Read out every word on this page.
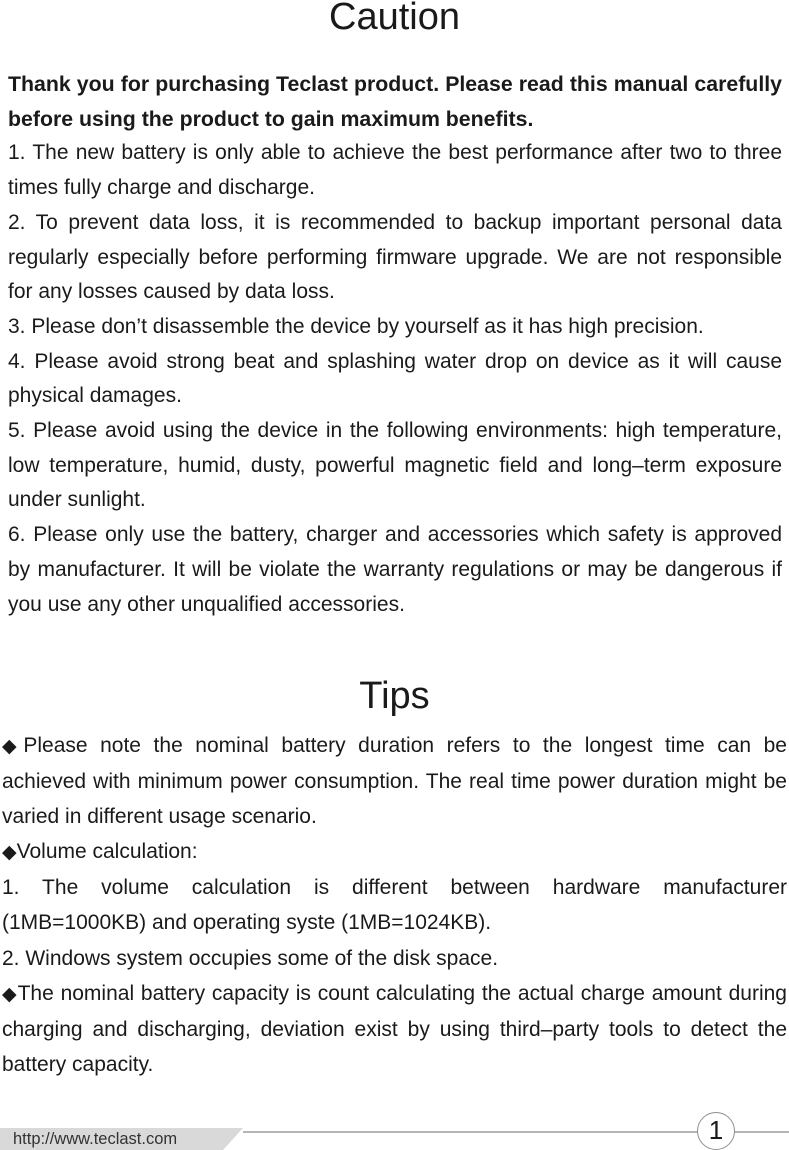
Caution

Thank you for purchasing Teclast product. Please read this manual carefully before using the product to gain maximum benefits.

1. The new battery is only able to achieve the best performance after two to three times fully charge and discharge.

2. To prevent data loss, it is recommended to backup important personal data regularly especially before performing firmware upgrade. We are not responsible for any losses caused by data loss.

3. Please don’t disassemble the device by yourself as it has high precision.

4. Please avoid strong beat and splashing water drop on device as it will cause physical damages.

5. Please avoid using the device in the following environments: high temperature, low temperature, humid, dusty, powerful magnetic field and long–term exposure under sunlight.

6. Please only use the battery, charger and accessories which safety is approved by manufacturer. It will be violate the warranty regulations or may be dangerous if you use any other unqualified accessories.

Tips

◆Please note the nominal battery duration refers to the longest time can be achieved with minimum power consumption. The real time power duration might be varied in different usage scenario.

◆Volume calculation:

1. The volume calculation is different between hardware manufacturer (1MB=1000KB) and operating syste (1MB=1024KB).

2. Windows system occupies some of the disk space.

◆The nominal battery capacity is count calculating the actual charge amount during charging and discharging, deviation exist by using third–party tools to detect the battery capacity.

http://www.teclast.com	1
